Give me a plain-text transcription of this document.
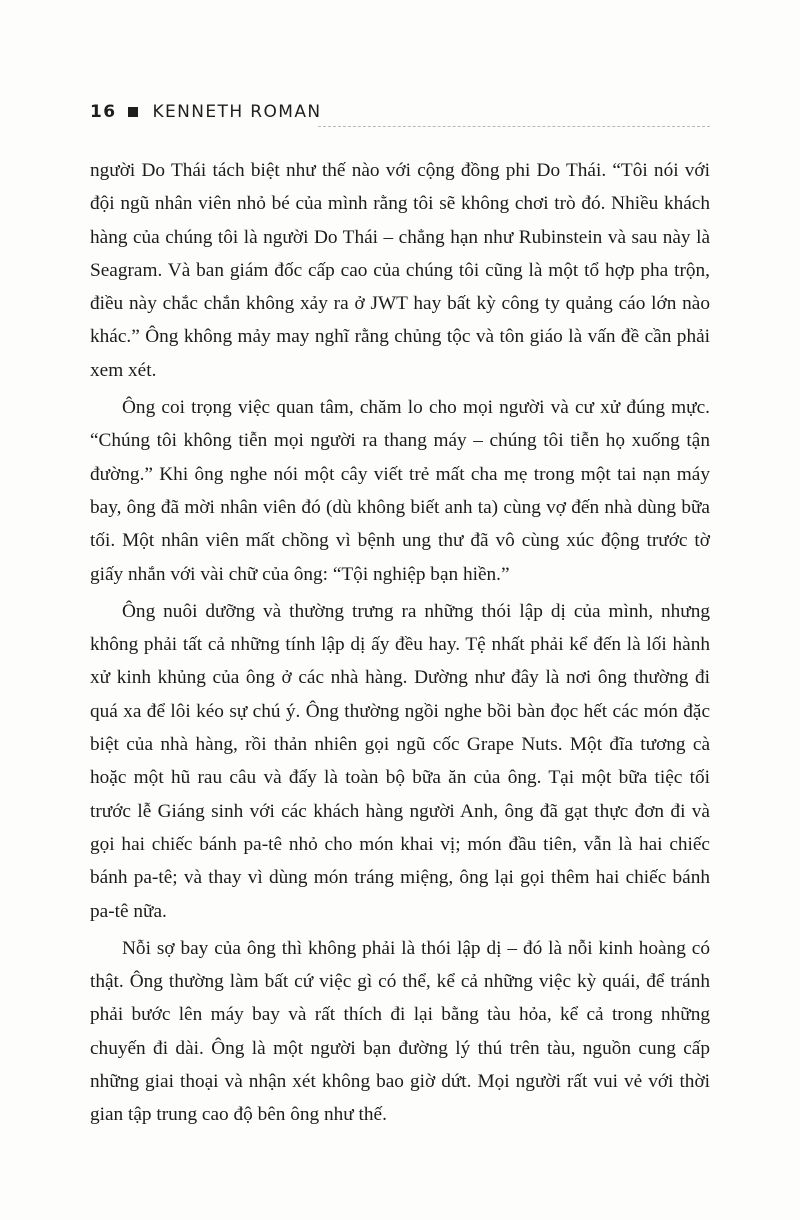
16 KENNETH ROMAN

người Do Thái tách biệt như thế nào với cộng đồng phi Do Thái. “Tôi nói với đội ngũ nhân viên nhỏ bé của mình rằng tôi sẽ không chơi trò đó. Nhiều khách hàng của chúng tôi là người Do Thái – chẳng hạn như Rubinstein và sau này là Seagram. Và ban giám đốc cấp cao của chúng tôi cũng là một tổ hợp pha trộn, điều này chắc chắn không xảy ra ở JWT hay bất kỳ công ty quảng cáo lớn nào khác.” Ông không mảy may nghĩ rằng chủng tộc và tôn giáo là vấn đề cần phải xem xét.

Ông coi trọng việc quan tâm, chăm lo cho mọi người và cư xử đúng mực. “Chúng tôi không tiễn mọi người ra thang máy – chúng tôi tiễn họ xuống tận đường.” Khi ông nghe nói một cây viết trẻ mất cha mẹ trong một tai nạn máy bay, ông đã mời nhân viên đó (dù không biết anh ta) cùng vợ đến nhà dùng bữa tối. Một nhân viên mất chồng vì bệnh ung thư đã vô cùng xúc động trước tờ giấy nhắn với vài chữ của ông: “Tội nghiệp bạn hiền.”

Ông nuôi dưỡng và thường trưng ra những thói lập dị của mình, nhưng không phải tất cả những tính lập dị ấy đều hay. Tệ nhất phải kể đến là lối hành xử kinh khủng của ông ở các nhà hàng. Dường như đây là nơi ông thường đi quá xa để lôi kéo sự chú ý. Ông thường ngồi nghe bồi bàn đọc hết các món đặc biệt của nhà hàng, rồi thản nhiên gọi ngũ cốc Grape Nuts. Một đĩa tương cà hoặc một hũ rau câu và đấy là toàn bộ bữa ăn của ông. Tại một bữa tiệc tối trước lễ Giáng sinh với các khách hàng người Anh, ông đã gạt thực đơn đi và gọi hai chiếc bánh pa-tê nhỏ cho món khai vị; món đầu tiên, vẫn là hai chiếc bánh pa-tê; và thay vì dùng món tráng miệng, ông lại gọi thêm hai chiếc bánh pa-tê nữa.

Nỗi sợ bay của ông thì không phải là thói lập dị – đó là nỗi kinh hoàng có thật. Ông thường làm bất cứ việc gì có thể, kể cả những việc kỳ quái, để tránh phải bước lên máy bay và rất thích đi lại bằng tàu hỏa, kể cả trong những chuyến đi dài. Ông là một người bạn đường lý thú trên tàu, nguồn cung cấp những giai thoại và nhận xét không bao giờ dứt. Mọi người rất vui vẻ với thời gian tập trung cao độ bên ông như thế.
